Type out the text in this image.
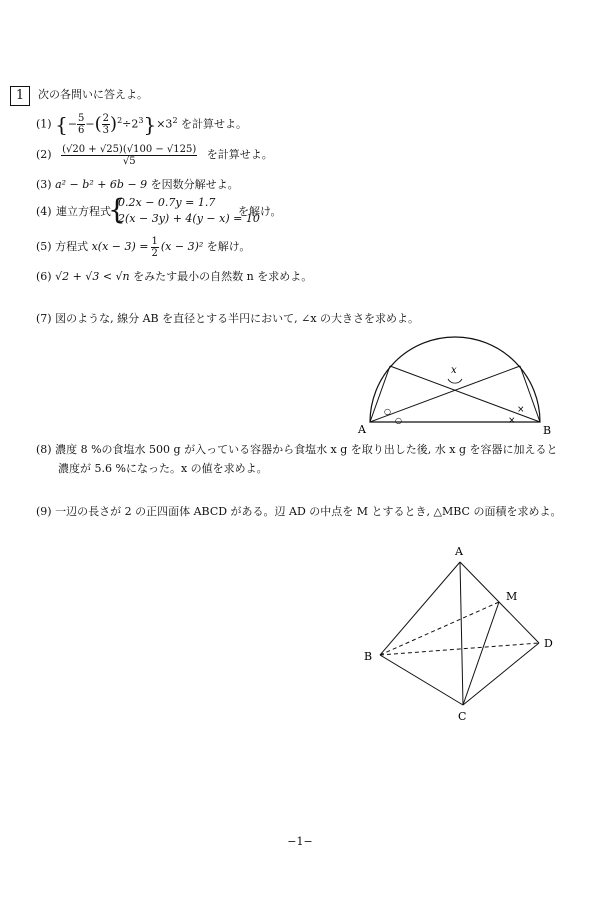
1	次の各問いに答えよ。
(1) {− $\frac{5}{6}$ −( $\frac{2}{3} )^2\div 2^3\}\times 3^2$ を計算せよ。
$(2) \frac{(√20 + √25)(√100 - √125)}{√5}$ を計算せよ。
(3) a² − b² + 6b − 9 を因数分解せよ。
(4) 連立方程式
{
0.2x − 0.7y = 1.7
2(x − 3y) + 4(y − x) = 10
を解け。
(5) 方程式 $x(x - 3) = \frac{1}{2} (x - 3)^2$ を解け。
(6) √2 + √3 < √n をみたす最小の自然数 n を求めよ。
(7) 図のような, 線分 AB を直径とする半円において, ∠x の大きさを求めよ。
x
○
○
×
×
A	B
(8) 濃度 8 %の食塩水 500 g が入っている容器から食塩水 x g を取り出した後, 水 x g を容器に加えると
濃度が 5.6 %になった。x の値を求めよ。
(9) 一辺の長さが 2 の正四面体 ABCD がある。辺 AD の中点を M とするとき, △MBC の面積を求めよ。
A
B
C
D
M
−1−
